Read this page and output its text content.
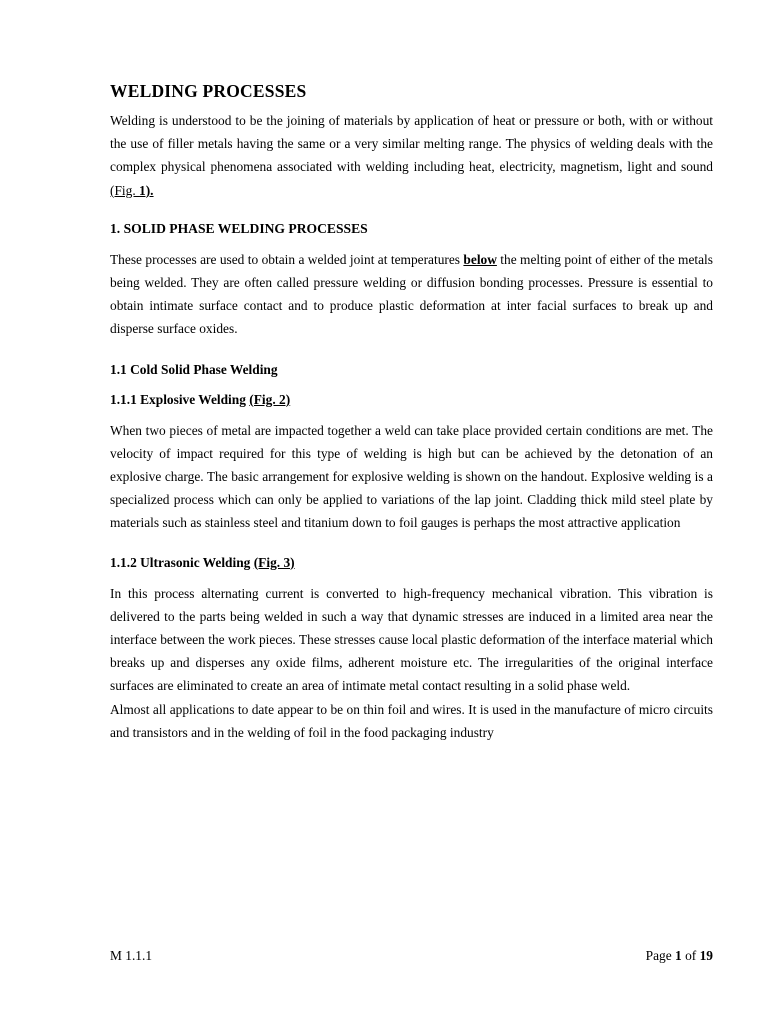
WELDING PROCESSES

Welding is understood to be the joining of materials by application of heat or pressure or both, with or without the use of filler metals having the same or a very similar melting range. The physics of welding deals with the complex physical phenomena associated with welding including heat, electricity, magnetism, light and sound (Fig. 1).

1. SOLID PHASE WELDING PROCESSES

These processes are used to obtain a welded joint at temperatures below the melting point of either of the metals being welded. They are often called pressure welding or diffusion bonding processes. Pressure is essential to obtain intimate surface contact and to produce plastic deformation at inter facial surfaces to break up and disperse surface oxides.

1.1 Cold Solid Phase Welding
1.1.1 Explosive Welding (Fig. 2)

When two pieces of metal are impacted together a weld can take place provided certain conditions are met. The velocity of impact required for this type of welding is high but can be achieved by the detonation of an explosive charge. The basic arrangement for explosive welding is shown on the handout. Explosive welding is a specialized process which can only be applied to variations of the lap joint. Cladding thick mild steel plate by materials such as stainless steel and titanium down to foil gauges is perhaps the most attractive application

1.1.2 Ultrasonic Welding (Fig. 3)

In this process alternating current is converted to high-frequency mechanical vibration. This vibration is delivered to the parts being welded in such a way that dynamic stresses are induced in a limited area near the interface between the work pieces. These stresses cause local plastic deformation of the interface material which breaks up and disperses any oxide films, adherent moisture etc. The irregularities of the original interface surfaces are eliminated to create an area of intimate metal contact resulting in a solid phase weld.

Almost all applications to date appear to be on thin foil and wires. It is used in the manufacture of micro circuits and transistors and in the welding of foil in the food packaging industry

M 1.1.1	Page 1 of 19
